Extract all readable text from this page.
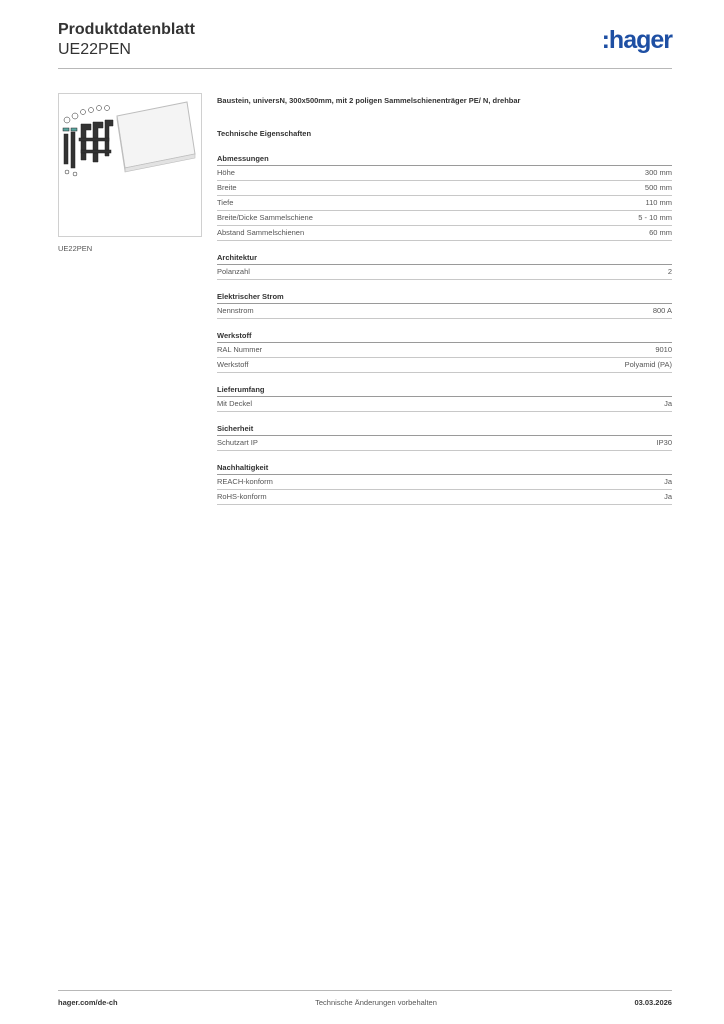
Produktdatenblatt
UE22PEN	:hager
UE22PEN
Baustein, universN, 300x500mm, mit 2 poligen Sammelschienenträger PE/ N, drehbar
Technische Eigenschaften
Abmessungen
Höhe	300 mm
Breite	500 mm
Tiefe	110 mm
Breite/Dicke Sammelschiene	5 - 10 mm
Abstand Sammelschienen	60 mm
Architektur
Polanzahl	2
Elektrischer Strom
Nennstrom	800 A
Werkstoff
RAL Nummer	9010
Werkstoff	Polyamid (PA)
Lieferumfang
Mit Deckel	Ja
Sicherheit
Schutzart IP	IP30
Nachhaltigkeit
REACH-konform	Ja
RoHS-konform	Ja
hager.com/de-ch	Technische Änderungen vorbehalten	03.03.2026
